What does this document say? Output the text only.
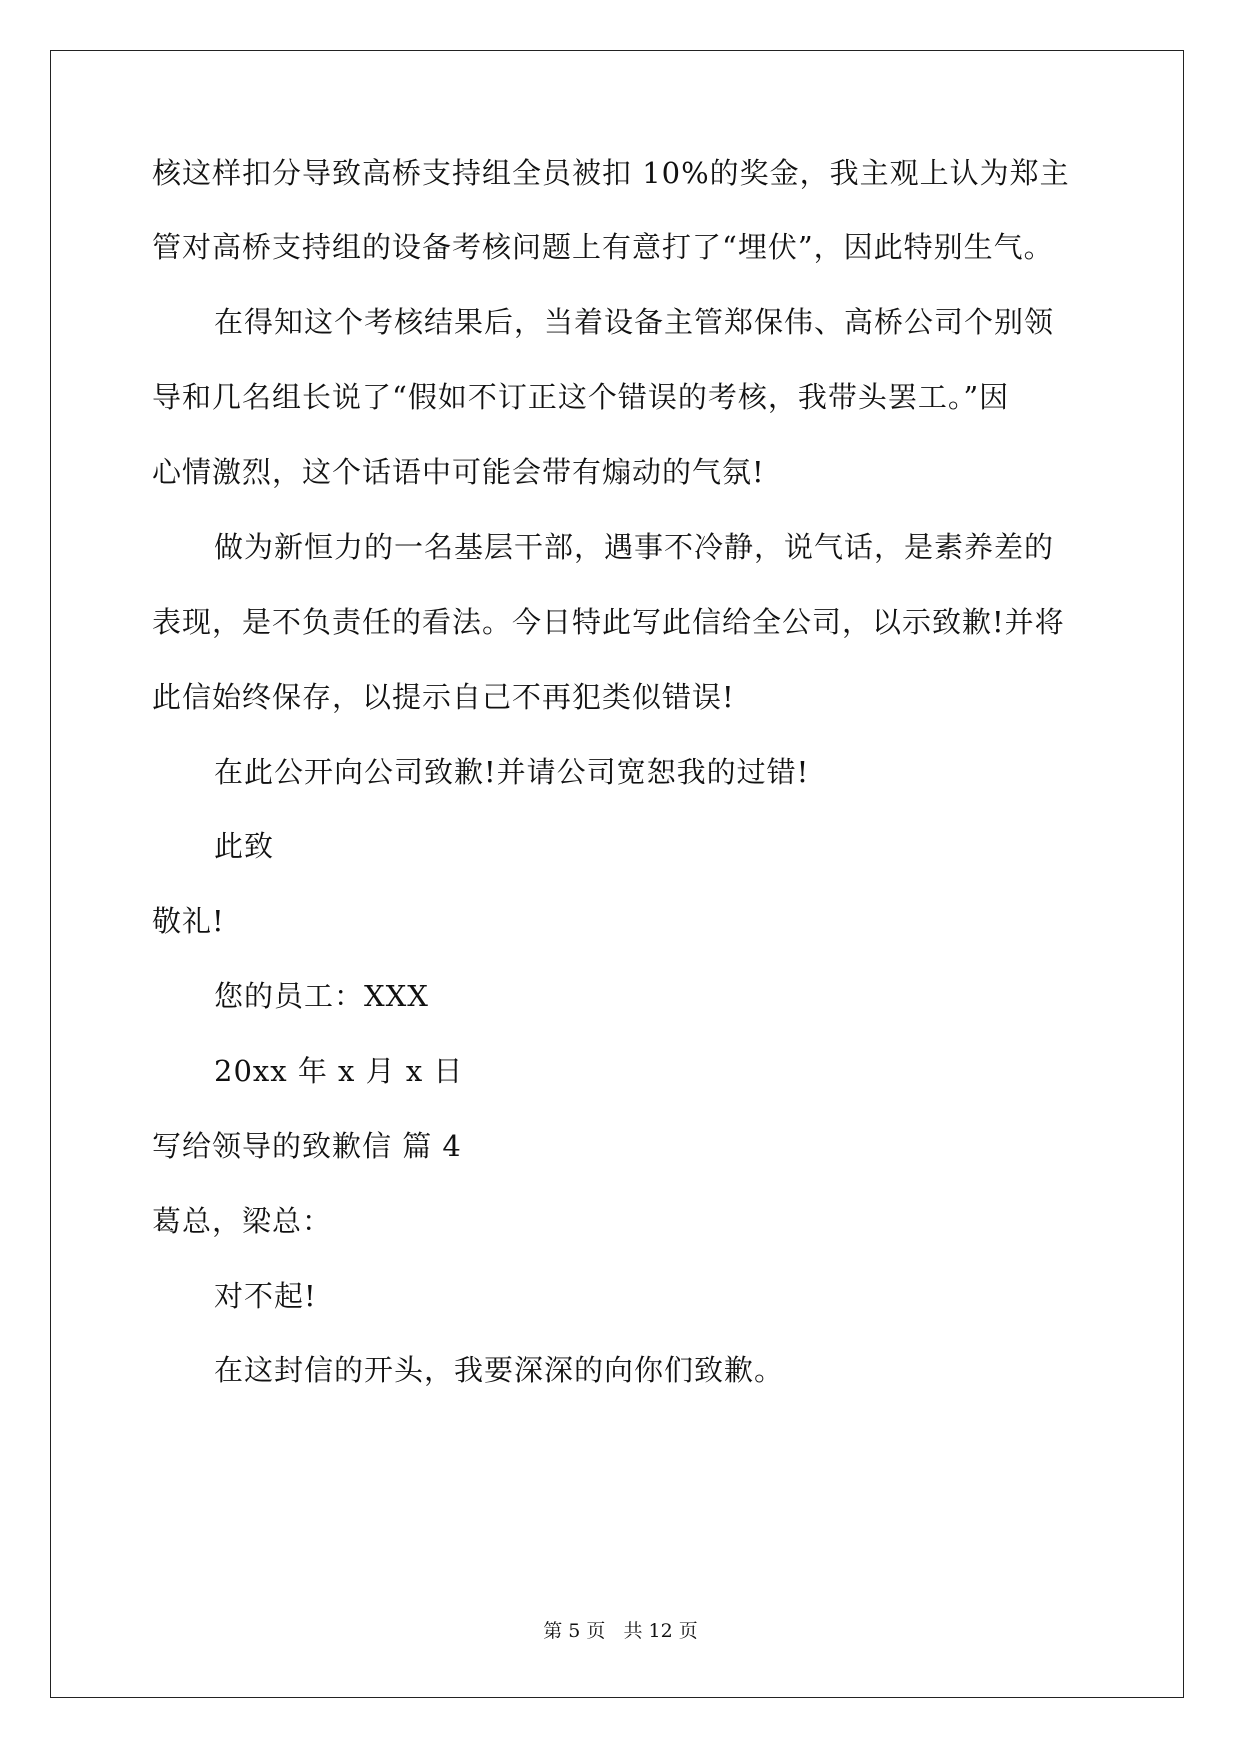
核这样扣分导致高桥支持组全员被扣 10%的奖金，我主观上认为郑主
管对高桥支持组的设备考核问题上有意打了“埋伏”，因此特别生气。
在得知这个考核结果后，当着设备主管郑保伟、高桥公司个别领
导和几名组长说了“假如不订正这个错误的考核，我带头罢工。”因
心情激烈，这个话语中可能会带有煽动的气氛!
做为新恒力的一名基层干部，遇事不冷静，说气话，是素养差的
表现，是不负责任的看法。今日特此写此信给全公司，以示致歉!并将
此信始终保存，以提示自己不再犯类似错误!
在此公开向公司致歉!并请公司宽恕我的过错!
此致
敬礼!
您的员工：XXX
20xx 年 x 月 x 日
写给领导的致歉信 篇 4
葛总，梁总：
对不起!
在这封信的开头，我要深深的向你们致歉。
第 5 页 共 12 页
